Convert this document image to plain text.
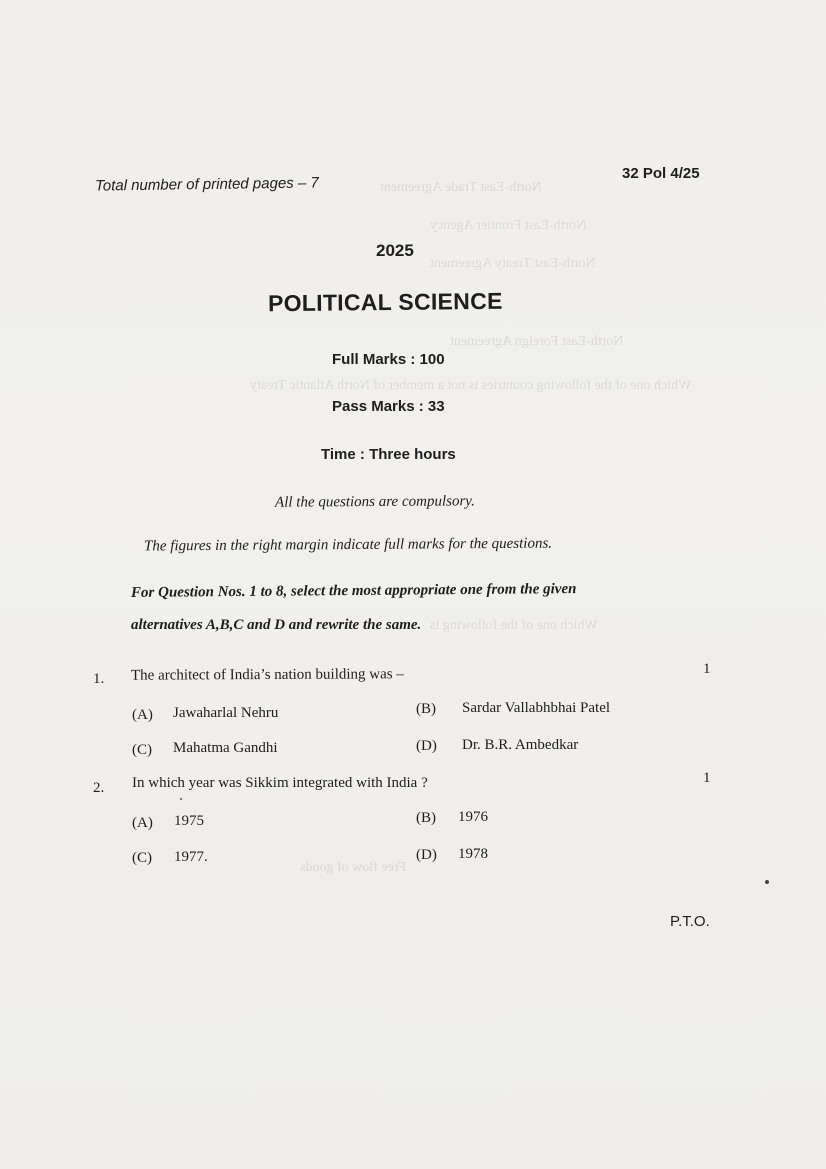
North-East Trade Agreement
North-East Frontier Agency
North-East Treaty Agreement
North-East Foreign Agreement
Which one of the following countries is not a member of North Atlantic Treaty
Which one of the following is
Free flow of goods
Total number of printed pages – 7
32 Pol 4/25
2025
POLITICAL SCIENCE
Full Marks : 100
Pass Marks : 33
Time : Three hours
All the questions are compulsory.
The figures in the right margin indicate full marks for the questions.
For Question Nos. 1 to 8, select the most appropriate one from the given
alternatives A,B,C and D and rewrite the same.
1. The architect of India’s nation building was –	1
(A) Jawaharlal Nehru	(B) Sardar Vallabhbhai Patel
(C) Mahatma Gandhi	(D) Dr. B.R. Ambedkar
2. In which year was Sikkim integrated with India ?	1
(A) 1975	(B) 1976
(C) 1977.	(D) 1978
P.T.O.
